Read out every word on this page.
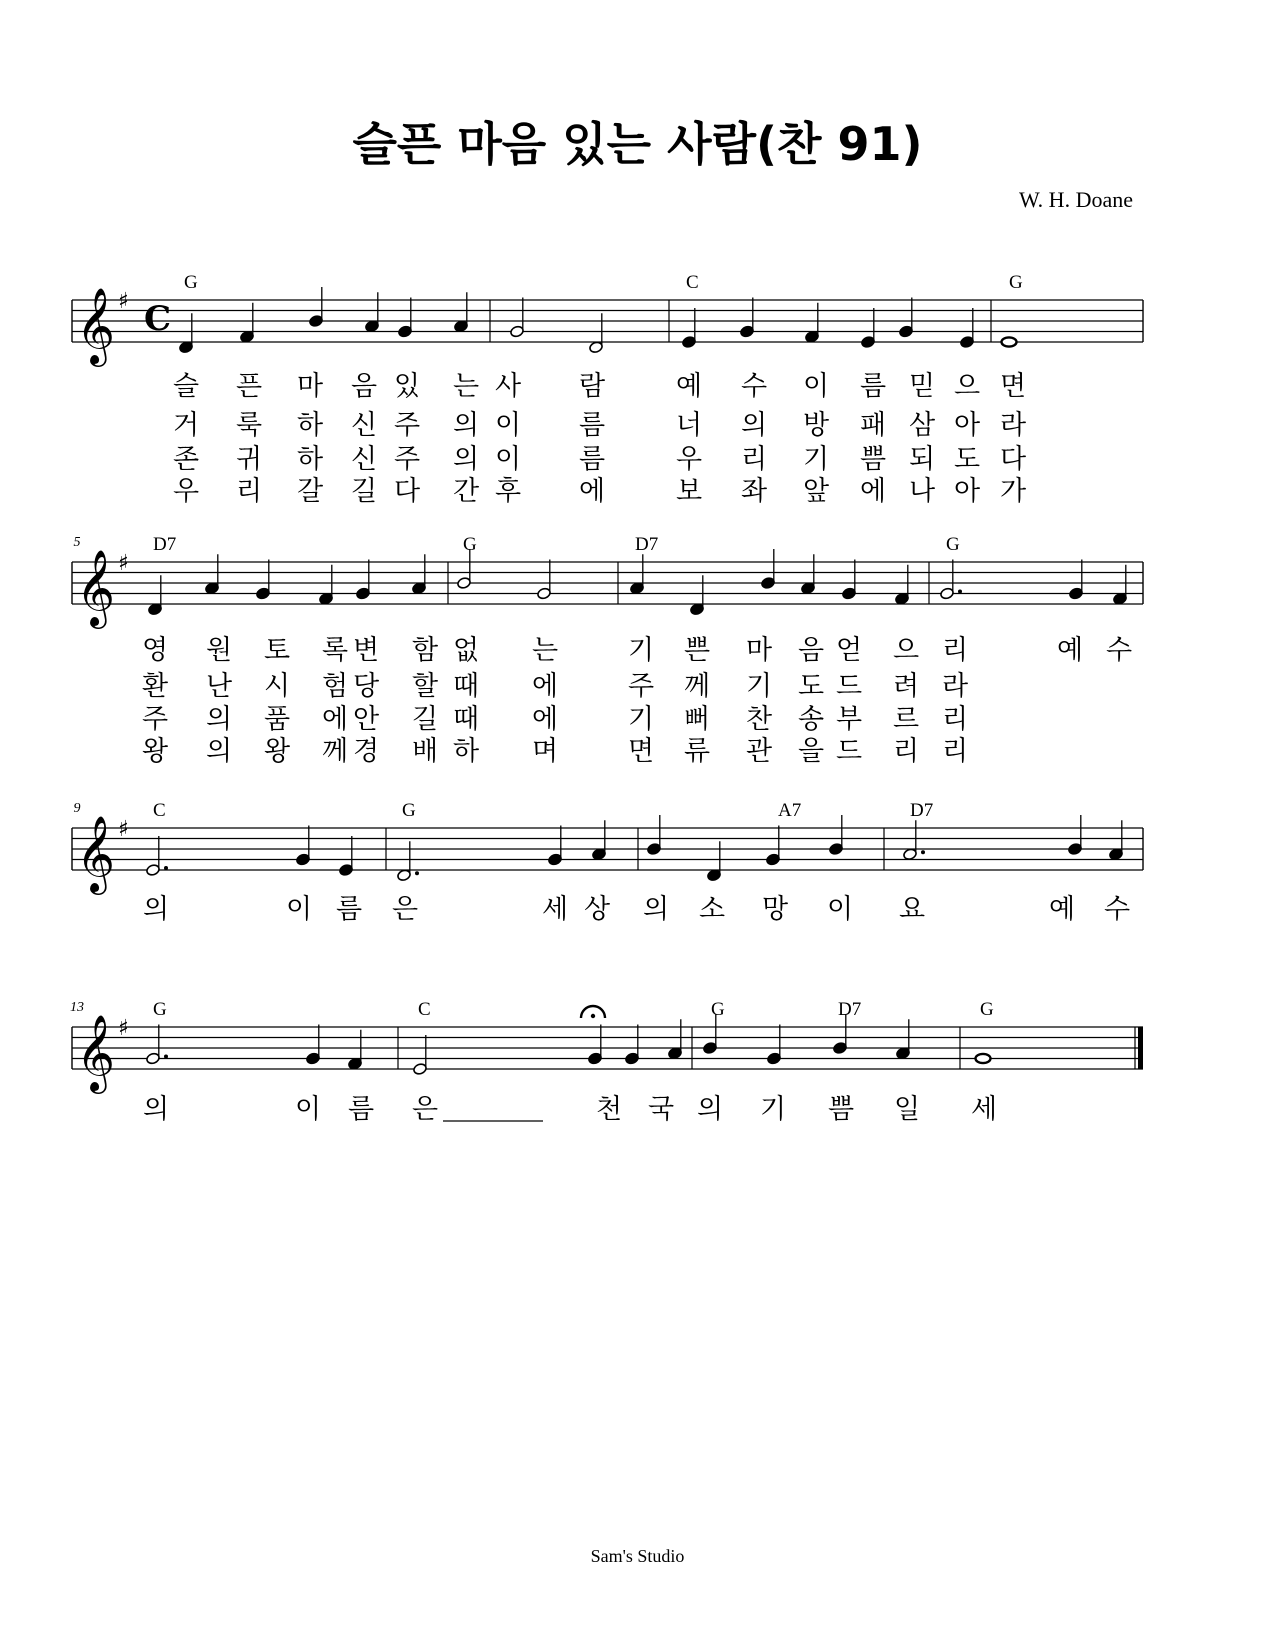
슬픈 마음 있는 사람(찬 91)
W. H. Doane
Sam's Studio
𝄞 ♯ C
G	C	G
슬 픈 마 음 있 는 사 람	예 수 이 름 믿 으 면
거 룩 하 신 주 의 이 름	너 의 방 패 삼 아 라
존 귀 하 신 주 의 이 름	우 리 기 쁨 되 도 다
우 리 갈 길 다 간 후 에	보 좌 앞 에 나 아 가
𝄞 ♯
5	D7	G	D7	G
영 원 토 록 변 함 없 는	기 쁜 마 음 얻 으 리	예 수
환 난 시 험 당 할 때 에	주 께 기 도 드 려 라
주 의 품 에 안 길 때 에	기 뻐 찬 송 부 르 리
왕 의 왕 께 경 배 하 며	면 류 관 을 드 리 리
𝄞 ♯
9	C	G	A7	D7
의	이 름 은	세 상 의 소 망 이 요	예 수
𝄞 ♯
13	G	C	G	D7	G
의	이 름 은	천 국 의 기 쁨 일 세
